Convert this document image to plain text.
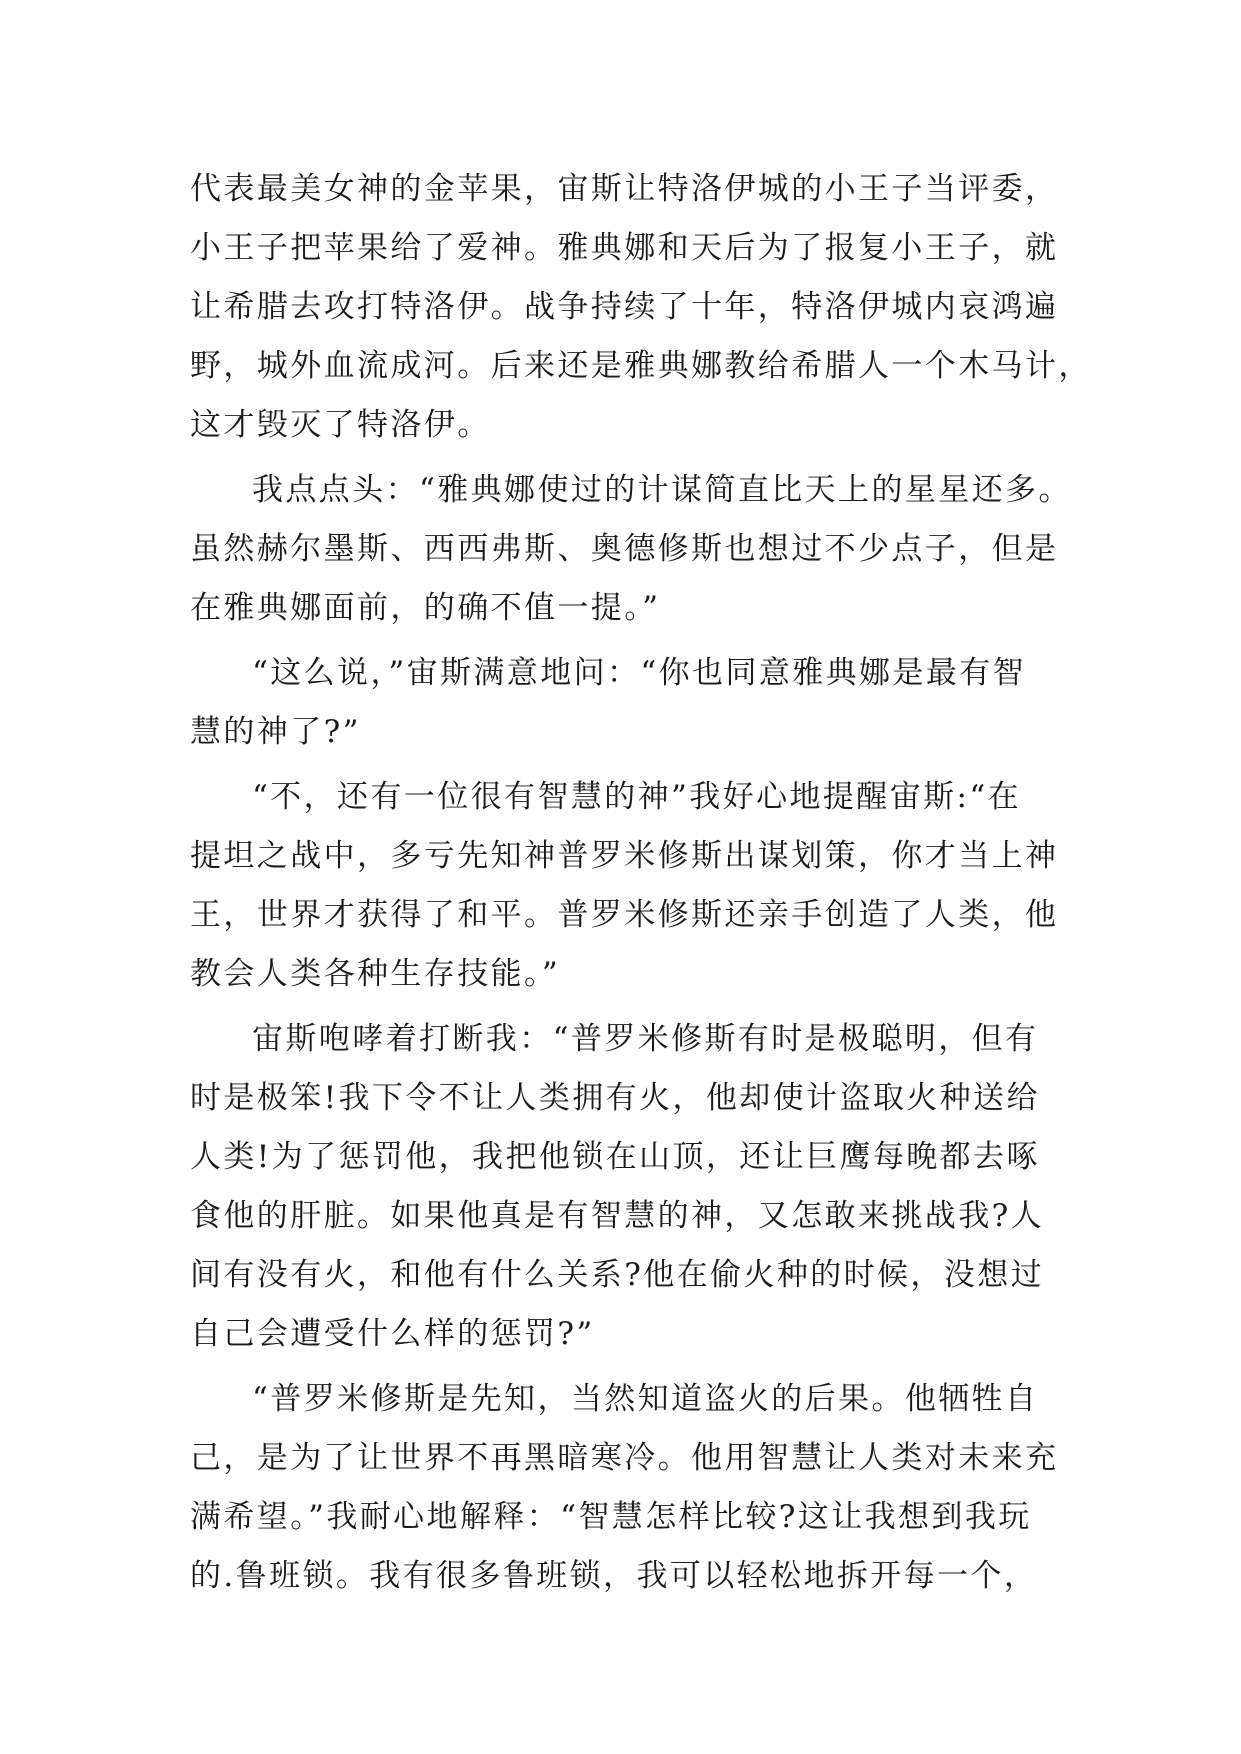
代表最美女神的金苹果，宙斯让特洛伊城的小王子当评委，
小王子把苹果给了爱神。雅典娜和天后为了报复小王子，就
让希腊去攻打特洛伊。战争持续了十年，特洛伊城内哀鸿遍
野，城外血流成河。后来还是雅典娜教给希腊人一个木马计，
这才毁灭了特洛伊。
我点点头：“雅典娜使过的计谋简直比天上的星星还多。
虽然赫尔墨斯、西西弗斯、奥德修斯也想过不少点子，但是
在雅典娜面前，的确不值一提。”
“这么说，”宙斯满意地问：“你也同意雅典娜是最有智
慧的神了?”
“不，还有一位很有智慧的神”我好心地提醒宙斯:“在
提坦之战中，多亏先知神普罗米修斯出谋划策，你才当上神
王，世界才获得了和平。普罗米修斯还亲手创造了人类，他
教会人类各种生存技能。”
宙斯咆哮着打断我：“普罗米修斯有时是极聪明，但有
时是极笨!我下令不让人类拥有火，他却使计盗取火种送给
人类!为了惩罚他，我把他锁在山顶，还让巨鹰每晚都去啄
食他的肝脏。如果他真是有智慧的神，又怎敢来挑战我?人
间有没有火，和他有什么关系?他在偷火种的时候，没想过
自己会遭受什么样的惩罚?”
“普罗米修斯是先知，当然知道盗火的后果。他牺牲自
己，是为了让世界不再黑暗寒冷。他用智慧让人类对未来充
满希望。”我耐心地解释：“智慧怎样比较?这让我想到我玩
的.鲁班锁。我有很多鲁班锁，我可以轻松地拆开每一个，
